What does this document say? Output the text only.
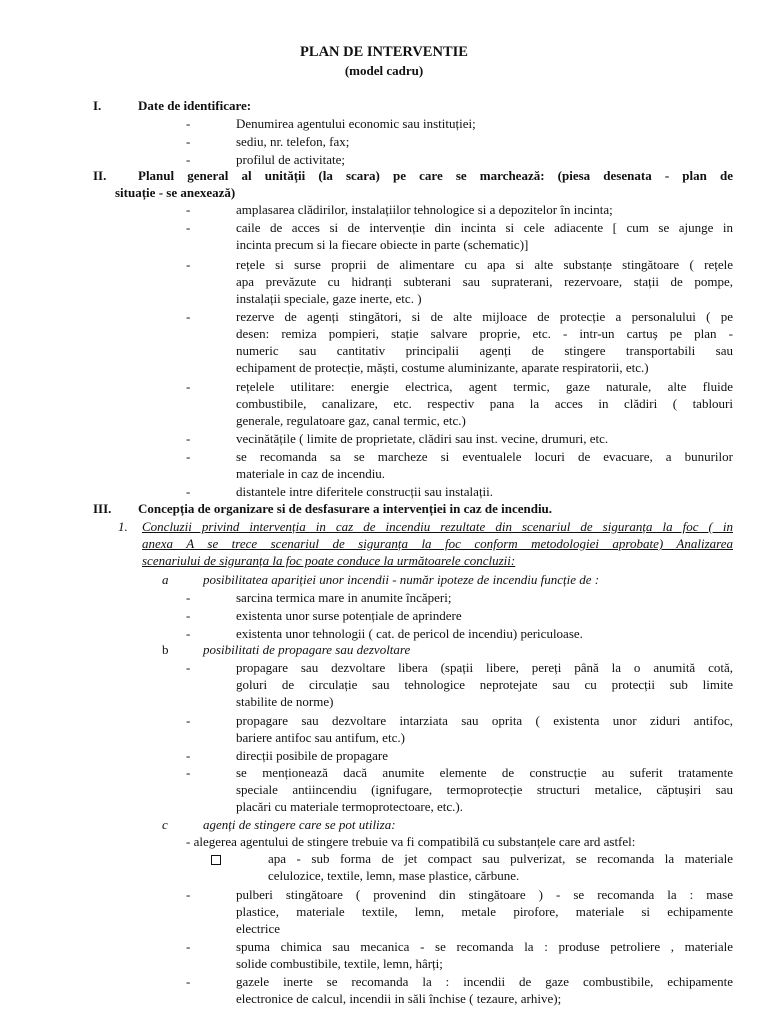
PLAN DE INTERVENTIE
(model cadru)
I.	Date de identificare:
-	Denumirea agentului economic sau instituției;
-	sediu, nr. telefon, fax;
-	profilul de activitate;
II. Planul general al unității (la scara) pe care se marchează: (piesa desenata - plan de
situație - se anexează)
-	amplasarea clădirilor, instalațiilor tehnologice si a depozitelor în incinta;
-	caile de acces si de intervenție din incinta si cele adiacente [ cum se ajunge in
incinta precum si la fiecare obiecte in parte (schematic)]
-	rețele si surse proprii de alimentare cu apa si alte substanțe stingătoare ( rețele
apa prevăzute cu hidranți subterani sau supraterani, rezervoare, stații de pompe,
instalații speciale, gaze inerte, etc. )
-	rezerve de agenți stingători, si de alte mijloace de protecție a personalului ( pe
desen: remiza pompieri, stație salvare proprie, etc. - intr-un cartuș pe plan -
numeric sau cantitativ principalii agenți de stingere transportabili sau
echipament de protecție, măști, costume aluminizante, aparate respiratorii, etc.)
-	rețelele utilitare: energie electrica, agent termic, gaze naturale, alte fluide
combustibile, canalizare, etc. respectiv pana la acces in clădiri ( tablouri
generale, regulatoare gaz, canal termic, etc.)
-	vecinătățile ( limite de proprietate, clădiri sau inst. vecine, drumuri, etc.
-	se recomanda sa se marcheze si eventualele locuri de evacuare, a bunurilor
materiale in caz de incendiu.
-	distantele intre diferitele construcții sau instalații.
III. Concepția de organizare si de desfasurare a intervenției in caz de incendiu.
1. Concluzii privind intervenția in caz de incendiu rezultate din scenariul de siguranța la foc ( in
anexa A se trece scenariul de siguranța la foc conform metodologiei aprobate) Analizarea
scenariului de siguranța la foc poate conduce la următoarele concluzii:
a	posibilitatea apariției unor incendii - număr ipoteze de incendiu funcție de :
-	sarcina termica mare in anumite încăperi;
-	existenta unor surse potențiale de aprindere
-	existenta unor tehnologii ( cat. de pericol de incendiu) periculoase.
b	posibilitati de propagare sau dezvoltare
-	propagare sau dezvoltare libera (spații libere, pereți până la o anumită cotă,
goluri de circulație sau tehnologice neprotejate sau cu protecții sub limite
stabilite de norme)
-	propagare sau dezvoltare intarziata sau oprita ( existenta unor ziduri antifoc,
bariere antifoc sau antifum, etc.)
-	direcții posibile de propagare
-	se menționează dacă anumite elemente de construcție au suferit tratamente
speciale antiincendiu (ignifugare, termoprotecție structuri metalice, căptușiri sau
placări cu materiale termoprotectoare, etc.).
c	agenți de stingere care se pot utiliza:
- alegerea agentului de stingere trebuie va fi compatibilă cu substanțele care ard astfel:
apa - sub forma de jet compact sau pulverizat, se recomanda la materiale
celulozice, textile, lemn, mase plastice, cărbune.
-	pulberi stingătoare ( provenind din stingătoare ) - se recomanda la : mase
plastice, materiale textile, lemn, metale pirofore, materiale si echipamente
electrice
-	spuma chimica sau mecanica - se recomanda la : produse petroliere , materiale
solide combustibile, textile, lemn, hârți;
-	gazele inerte se recomanda la : incendii de gaze combustibile, echipamente
electronice de calcul, incendii in săli închise ( tezaure, arhive);
